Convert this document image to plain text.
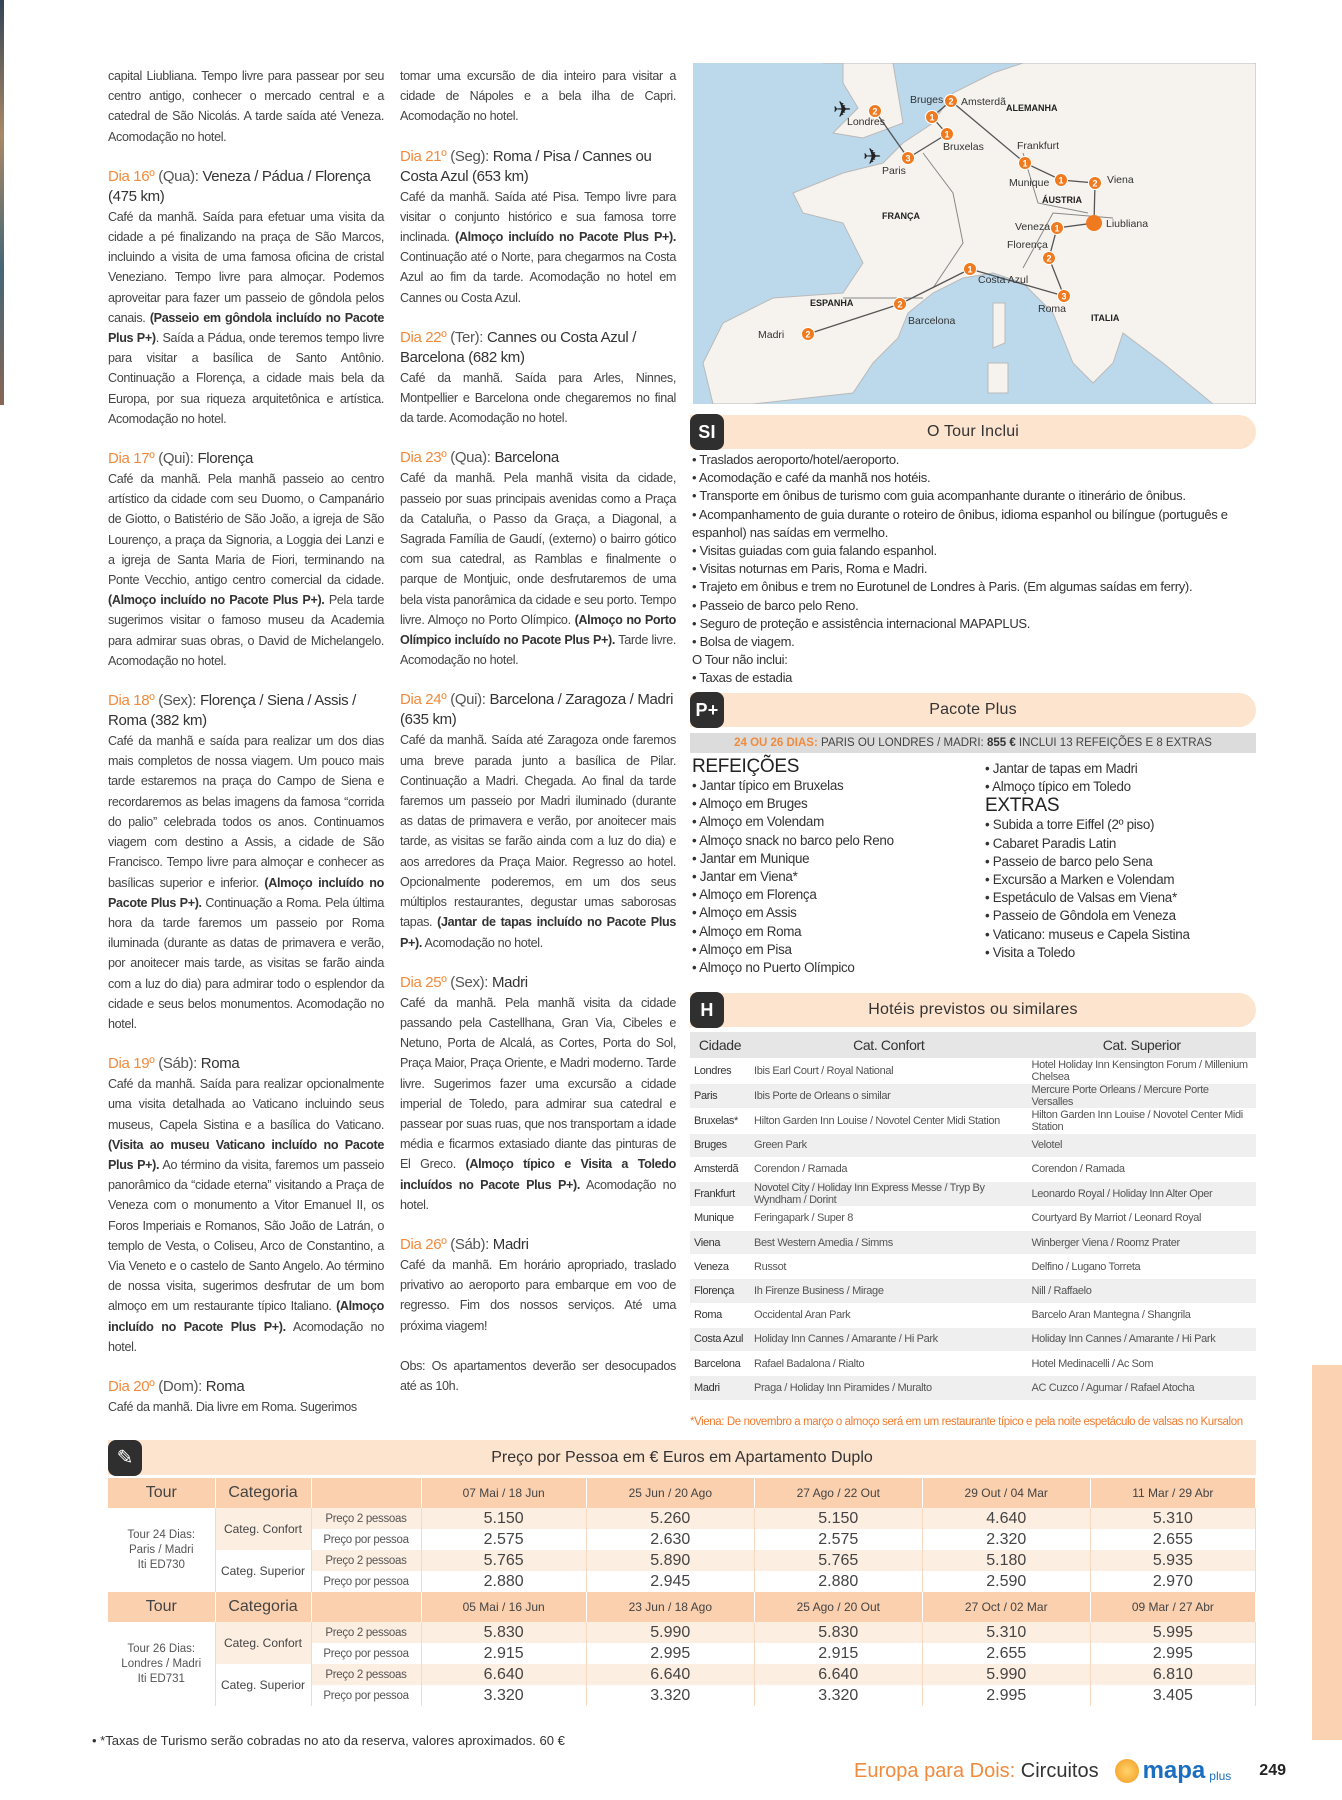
capital Liubliana. Tempo livre para passear por seu centro antigo, conhecer o mercado central e a catedral de São Nicolás. A tarde saída até Veneza. Acomodação no hotel.
Dia 16º (Qua): Veneza / Pádua / Florença (475 km)
Café da manhã. Saída para efetuar uma visita da cidade a pé finalizando na praça de São Marcos, incluindo a visita de uma famosa oficina de cristal Veneziano. Tempo livre para almoçar. Podemos aproveitar para fazer um passeio de gôndola pelos canais. (Passeio em gôndola incluído no Pacote Plus P+). Saída a Pádua, onde teremos tempo livre para visitar a basílica de Santo Antônio. Continuação a Florença, a cidade mais bela da Europa, por sua riqueza arquitetônica e artística. Acomodação no hotel.
Dia 17º (Qui): Florença
Café da manhã. Pela manhã passeio ao centro artístico da cidade com seu Duomo, o Campanário de Giotto, o Batistério de São João, a igreja de São Lourenço, a praça da Signoria, a Loggia dei Lanzi e a igreja de Santa Maria de Fiori, terminando na Ponte Vecchio, antigo centro comercial da cidade. (Almoço incluído no Pacote Plus P+). Pela tarde sugerimos visitar o famoso museu da Academia para admirar suas obras, o David de Michelangelo. Acomodação no hotel.
Dia 18º (Sex): Florença / Siena / Assis / Roma (382 km)
Café da manhã e saída para realizar um dos dias mais completos de nossa viagem. Um pouco mais tarde estaremos na praça do Campo de Siena e recordaremos as belas imagens da famosa “corrida do palio” celebrada todos os anos. Continuamos viagem com destino a Assis, a cidade de São Francisco. Tempo livre para almoçar e conhecer as basílicas superior e inferior. (Almoço incluído no Pacote Plus P+). Continuação a Roma. Pela última hora da tarde faremos um passeio por Roma iluminada (durante as datas de primavera e verão, por anoitecer mais tarde, as visitas se farão ainda com a luz do dia) para admirar todo o esplendor da cidade e seus belos monumentos. Acomodação no hotel.
Dia 19º (Sáb): Roma
Café da manhã. Saída para realizar opcionalmente uma visita detalhada ao Vaticano incluindo seus museus, Capela Sistina e a basílica do Vaticano. (Visita ao museu Vaticano incluído no Pacote Plus P+). Ao término da visita, faremos um passeio panorâmico da “cidade eterna” visitando a Praça de Veneza com o monumento a Vitor Emanuel II, os Foros Imperiais e Romanos, São João de Latrán, o templo de Vesta, o Coliseu, Arco de Constantino, a Via Veneto e o castelo de Santo Angelo. Ao término de nossa visita, sugerimos desfrutar de um bom almoço em um restaurante típico Italiano. (Almoço incluído no Pacote Plus P+). Acomodação no hotel.
Dia 20º (Dom): Roma
Café da manhã. Dia livre em Roma. Sugerimos
tomar uma excursão de dia inteiro para visitar a cidade de Nápoles e a bela ilha de Capri. Acomodação no hotel.
Dia 21º (Seg): Roma / Pisa / Cannes ou Costa Azul (653 km)
Café da manhã. Saída até Pisa. Tempo livre para visitar o conjunto histórico e sua famosa torre inclinada. (Almoço incluído no Pacote Plus P+). Continuação até o Norte, para chegarmos na Costa Azul ao fim da tarde. Acomodação no hotel em Cannes ou Costa Azul.
Dia 22º (Ter): Cannes ou Costa Azul / Barcelona (682 km)
Café da manhã. Saída para Arles, Ninnes, Montpellier e Barcelona onde chegaremos no final da tarde. Acomodação no hotel.
Dia 23º (Qua): Barcelona
Café da manhã. Pela manhã visita da cidade, passeio por suas principais avenidas como a Praça da Cataluña, o Passo da Graça, a Diagonal, a Sagrada Família de Gaudí, (externo) o bairro gótico com sua catedral, as Ramblas e finalmente o parque de Montjuic, onde desfrutaremos de uma bela vista panorâmica da cidade e seu porto. Tempo livre. Almoço no Porto Olímpico. (Almoço no Porto Olímpico incluído no Pacote Plus P+). Tarde livre. Acomodação no hotel.
Dia 24º (Qui): Barcelona / Zaragoza / Madri (635 km)
Café da manhã. Saída até Zaragoza onde faremos uma breve parada junto a basílica de Pilar. Continuação a Madri. Chegada. Ao final da tarde faremos um passeio por Madri iluminado (durante as datas de primavera e verão, por anoitecer mais tarde, as visitas se farão ainda com a luz do dia) e aos arredores da Praça Maior. Regresso ao hotel. Opcionalmente poderemos, em um dos seus múltiplos restaurantes, degustar umas saborosas tapas. (Jantar de tapas incluído no Pacote Plus P+). Acomodação no hotel.
Dia 25º (Sex): Madri
Café da manhã. Pela manhã visita da cidade passando pela Castellhana, Gran Via, Cibeles e Netuno, Porta de Alcalá, as Cortes, Porta do Sol, Praça Maior, Praça Oriente, e Madri moderno. Tarde livre. Sugerimos fazer uma excursão a cidade imperial de Toledo, para admirar sua catedral e passear por suas ruas, que nos transportam a idade média e ficarmos extasiado diante das pinturas de El Greco. (Almoço típico e Visita a Toledo incluídos no Pacote Plus P+). Acomodação no hotel.
Dia 26º (Sáb): Madri
Café da manhã. Em horário apropriado, traslado privativo ao aeroporto para embarque em voo de regresso. Fim dos nossos serviços. Até uma próxima viagem!
Obs: Os apartamentos deverão ser desocupados até as 10h.
✈
✈
2
Londres	1
Bruges 2 Amsterdã
1
Bruxelas
3
Paris
1
Frankfurt
1
Munique	2 Viena
Liubliana
1
Veneza
2
Florença
3
Roma
1
Costa Azul
2
Barcelona
2
Madri
ALEMANHA
ÁUSTRIA
FRANÇA
ESPANHA
ITALIA
SI	O Tour Inclui
• Traslados aeroporto/hotel/aeroporto.
• Acomodação e café da manhã nos hotéis.
• Transporte em ônibus de turismo com guia acompanhante durante o itinerário de ônibus.
• Acompanhamento de guia durante o roteiro de ônibus, idioma espanhol ou bilíngue (português e espanhol) nas saídas em vermelho.
• Visitas guiadas com guia falando espanhol.
• Visitas noturnas em Paris, Roma e Madri.
• Trajeto em ônibus e trem no Eurotunel de Londres à Paris. (Em algumas saídas em ferry).
• Passeio de barco pelo Reno.
• Seguro de proteção e assistência internacional MAPAPLUS.
• Bolsa de viagem.
O Tour não inclui:
• Taxas de estadia
P+	Pacote Plus
24 OU 26 DIAS: PARIS OU LONDRES / MADRI: 855 € INCLUI 13 REFEIÇÕES E 8 EXTRAS
REFEIÇÕES
• Jantar típico em Bruxelas
• Almoço em Bruges
• Almoço em Volendam
• Almoço snack no barco pelo Reno
• Jantar em Munique
• Jantar em Viena*
• Almoço em Florença
• Almoço em Assis
• Almoço em Roma
• Almoço em Pisa
• Almoço no Puerto Olímpico
• Jantar de tapas em Madri
• Almoço típico em Toledo
EXTRAS
• Subida a torre Eiffel (2º piso)
• Cabaret Paradis Latin
• Passeio de barco pelo Sena
• Excursão a Marken e Volendam
• Espetáculo de Valsas em Viena*
• Passeio de Gôndola em Veneza
• Vaticano: museus e Capela Sistina
• Visita a Toledo
H	Hotéis previstos ou similares
Cidade	Cat. Confort	Cat. Superior
Londres	Ibis Earl Court / Royal National	Hotel Holiday Inn Kensington Forum / Millenium Chelsea
Paris	Ibis Porte de Orleans o similar	Mercure Porte Orleans / Mercure Porte Versalles
Bruxelas*	Hilton Garden Inn Louise / Novotel Center Midi Station	Hilton Garden Inn Louise / Novotel Center Midi Station
Bruges	Green Park	Velotel
Amsterdã	Corendon / Ramada	Corendon / Ramada
Frankfurt	Novotel City / Holiday Inn Express Messe / Tryp By Wyndham / Dorint	Leonardo Royal / Holiday Inn Alter Oper
Munique	Feringapark / Super 8	Courtyard By Marriot / Leonard Royal
Viena	Best Western Amedia / Simms	Winberger Viena / Roomz Prater
Veneza	Russot	Delfino / Lugano Torreta
Florença	Ih Firenze Business / Mirage	Nill / Raffaelo
Roma	Occidental Aran Park	Barcelo Aran Mantegna / Shangrila
Costa Azul	Holiday Inn Cannes / Amarante / Hi Park	Holiday Inn Cannes / Amarante / Hi Park
Barcelona	Rafael Badalona / Rialto	Hotel Medinacelli / Ac Som
Madri	Praga / Holiday Inn Piramides / Muralto	AC Cuzco / Agumar / Rafael Atocha
*Viena: De novembro a março o almoço será em um restaurante típico e pela noite espetáculo de valsas no Kursalon
✎	Preço por Pessoa em € Euros em Apartamento Duplo
Tour	Categoria		07 Mai / 18 Jun	25 Jun / 20 Ago	27 Ago / 22 Out	29 Out / 04 Mar	11 Mar / 29 Abr

Tour 24 Dias:
Paris / Madri
Iti ED730	Categ. Confort	Preço 2 pessoas	5.150	5.260	5.150	4.640	5.310
		Preço por pessoa	2.575	2.630	2.575	2.320	2.655
	Categ. Superior	Preço 2 pessoas	5.765	5.890	5.765	5.180	5.935
		Preço por pessoa	2.880	2.945	2.880	2.590	2.970
Tour	Categoria		05 Mai / 16 Jun	23 Jun / 18 Ago	25 Ago / 20 Out	27 Oct / 02 Mar	09 Mar / 27 Abr

Tour 26 Dias:
Londres / Madri
Iti ED731	Categ. Confort	Preço 2 pessoas	5.830	5.990	5.830	5.310	5.995
		Preço por pessoa	2.915	2.995	2.915	2.655	2.995
	Categ. Superior	Preço 2 pessoas	6.640	6.640	6.640	5.990	6.810
		Preço por pessoa	3.320	3.320	3.320	2.995	3.405
• *Taxas de Turismo serão cobradas no ato da reserva, valores aproximados. 60 €
Europa para Dois: Circuitos mapa plus 249
